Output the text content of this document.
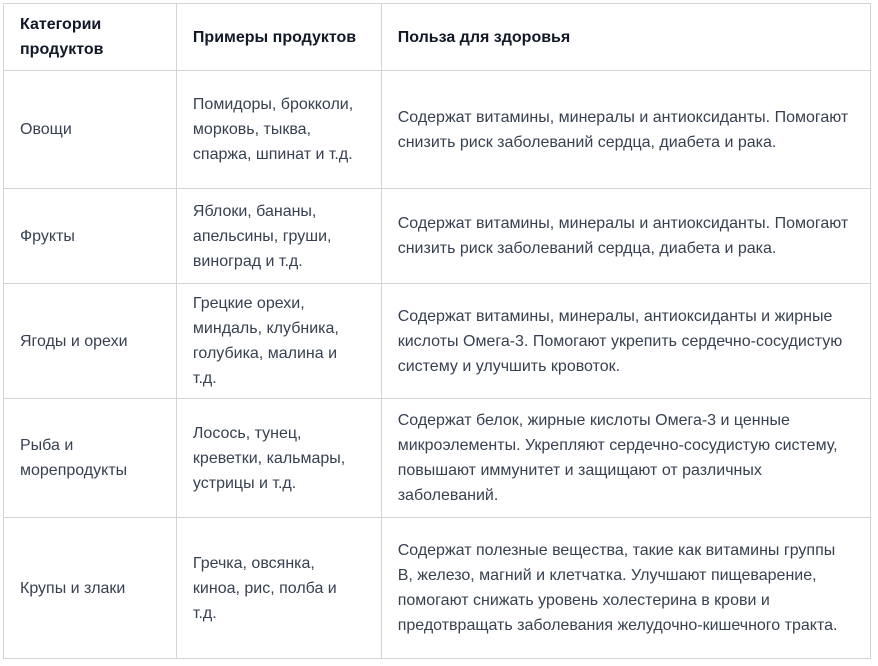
Категории продуктов	Примеры продуктов	Польза для здоровья
Овощи	Помидоры, брокколи, морковь, тыква, спаржа, шпинат и т.д.	Содержат витамины, минералы и антиоксиданты. Помогают снизить риск заболеваний сердца, диабета и рака.
Фрукты	Яблоки, бананы, апельсины, груши, виноград и т.д.	Содержат витамины, минералы и антиоксиданты. Помогают снизить риск заболеваний сердца, диабета и рака.
Ягоды и орехи	Грецкие орехи, миндаль, клубника, голубика, малина и т.д.	Содержат витамины, минералы, антиоксиданты и жирные кислоты Омега-3. Помогают укрепить сердечно-сосудистую систему и улучшить кровоток.
Рыба и морепродукты	Лосось, тунец, креветки, кальмары, устрицы и т.д.	Содержат белок, жирные кислоты Омега-3 и ценные микроэлементы. Укрепляют сердечно-сосудистую систему, повышают иммунитет и защищают от различных заболеваний.
Крупы и злаки	Гречка, овсянка, киноа, рис, полба и т.д.	Содержат полезные вещества, такие как витамины группы B, железо, магний и клетчатка. Улучшают пищеварение, помогают снижать уровень холестерина в крови и предотвращать заболевания желудочно-кишечного тракта.
